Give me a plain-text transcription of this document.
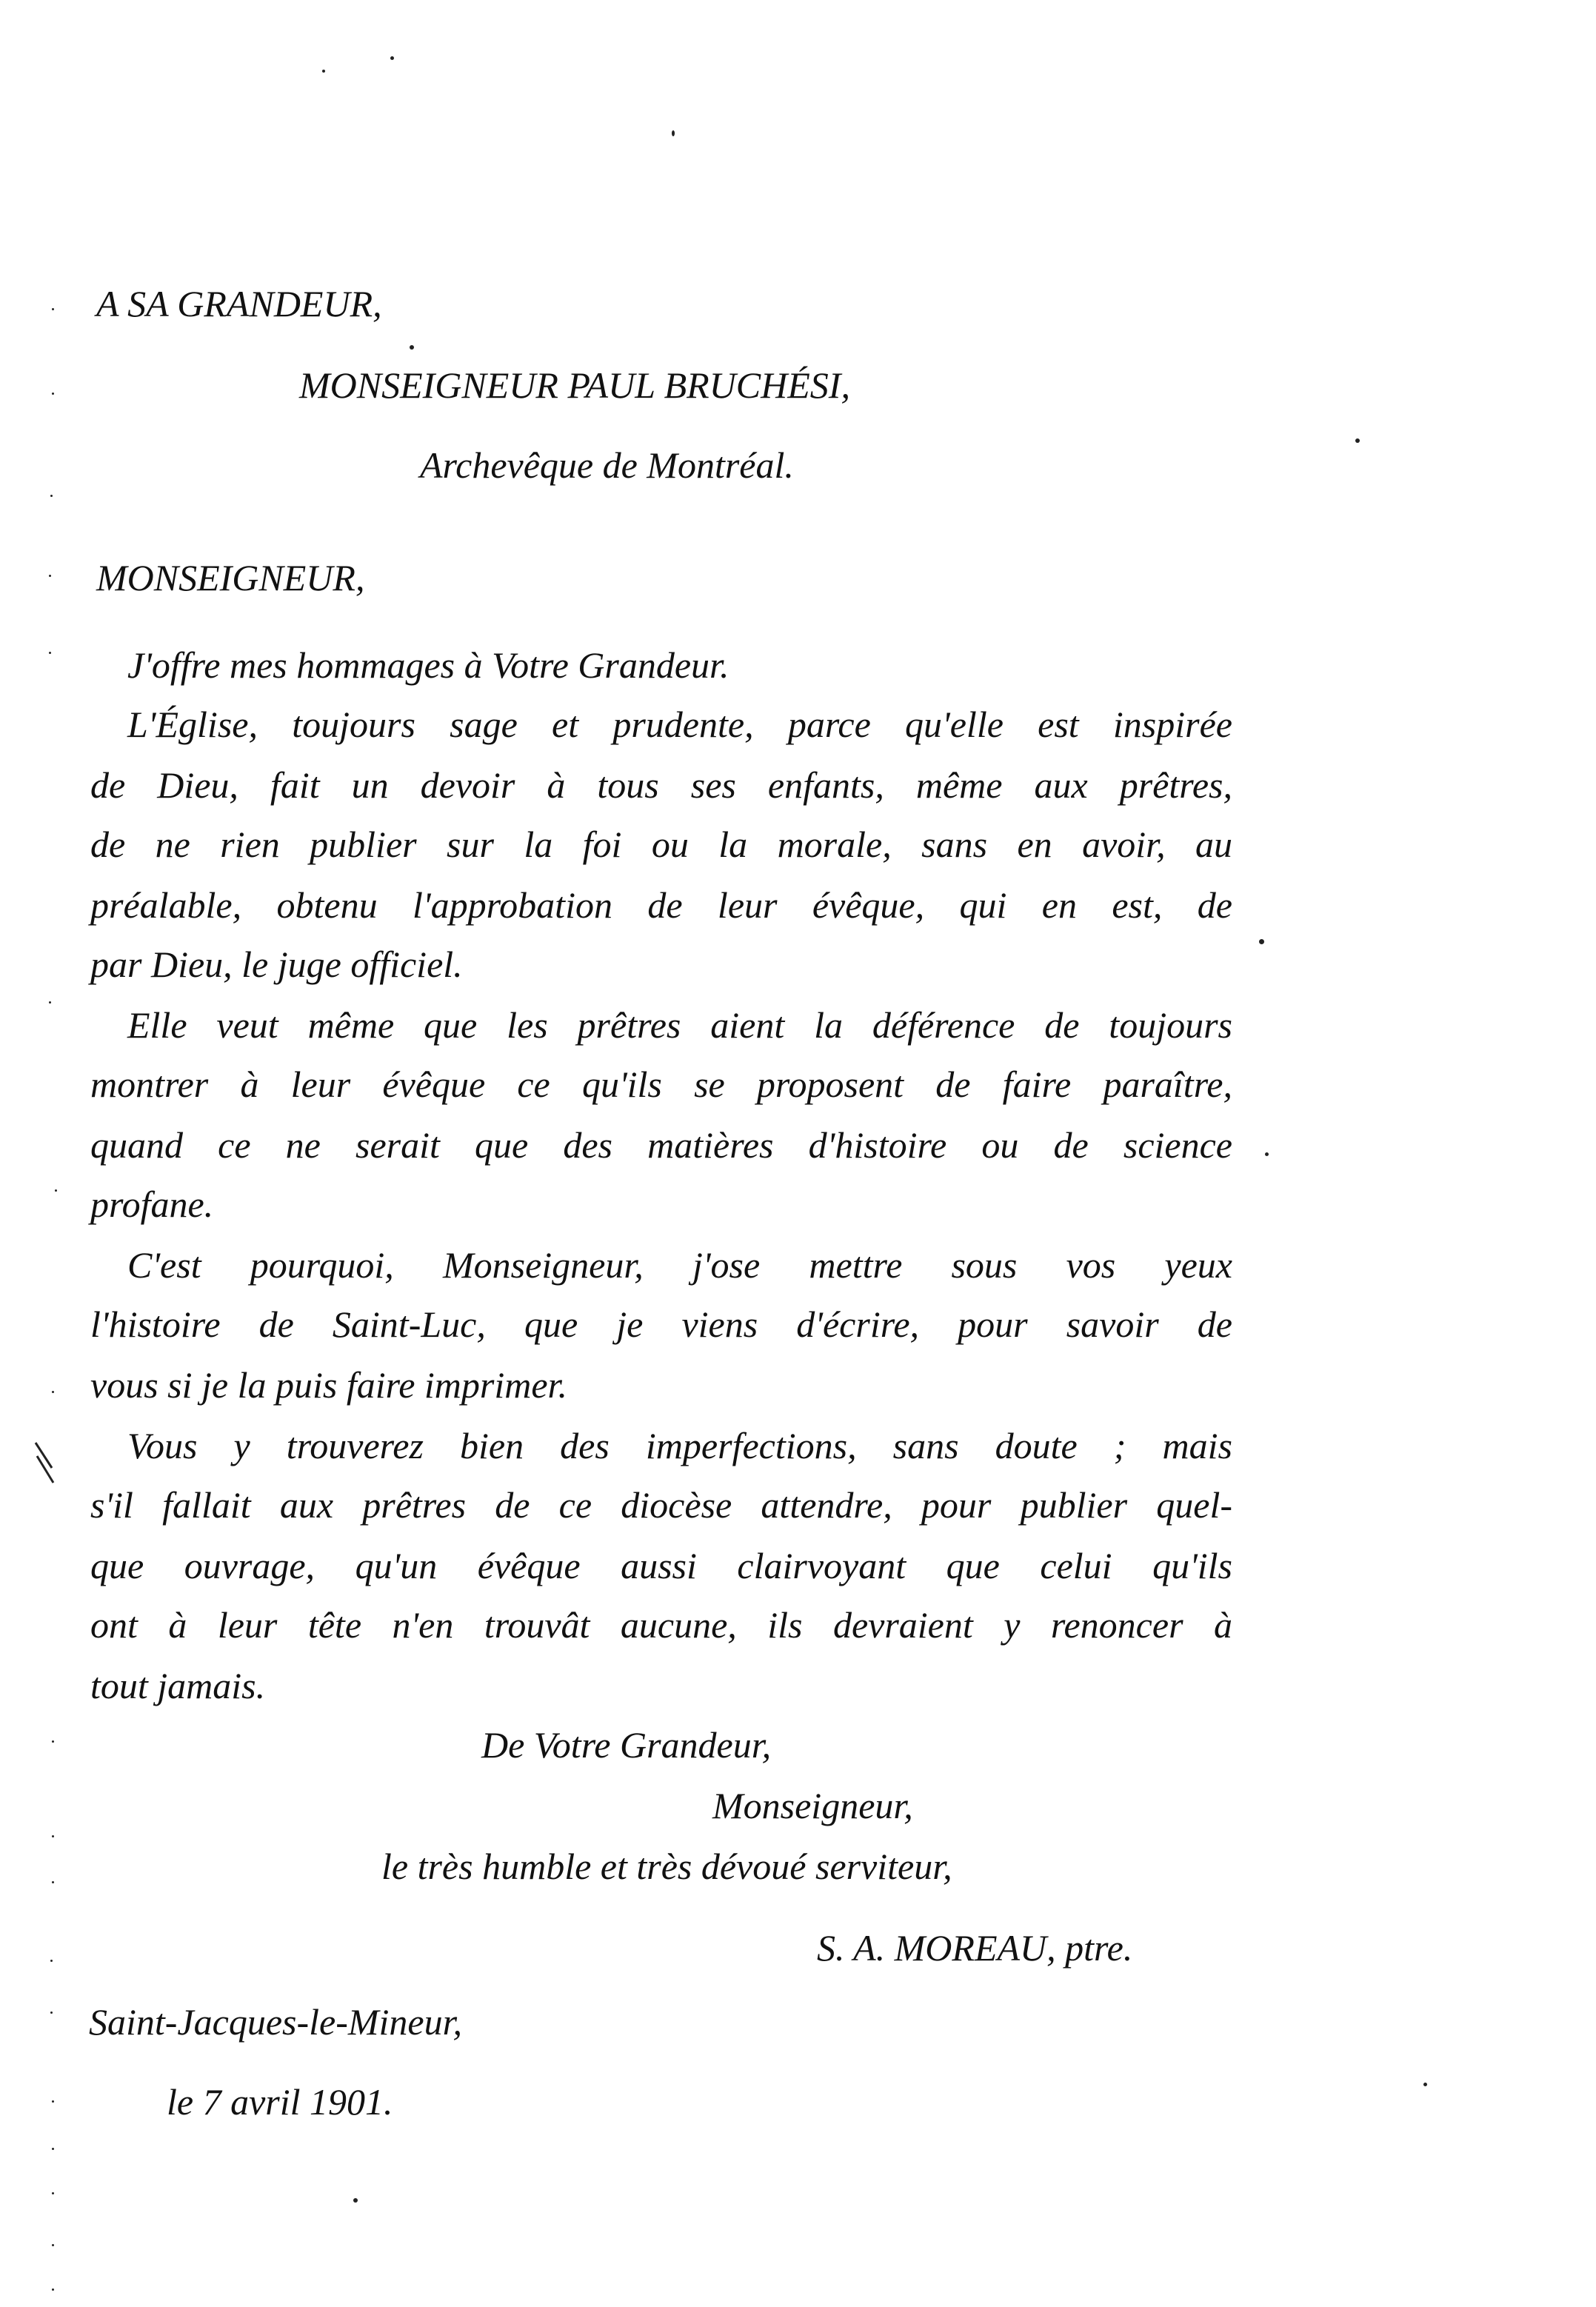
A SA GRANDEUR,

MONSEIGNEUR PAUL BRUCHÉSI,

Archevêque de Montréal.

MONSEIGNEUR,

J'offre mes hommages à Votre Grandeur.

L'Église, toujours sage et prudente, parce qu'elle est inspirée

de Dieu, fait un devoir à tous ses enfants, même aux prêtres,

de ne rien publier sur la foi ou la morale, sans en avoir, au

préalable, obtenu l'approbation de leur évêque, qui en est, de

par Dieu, le juge officiel.

Elle veut même que les prêtres aient la déférence de toujours

montrer à leur évêque ce qu'ils se proposent de faire paraître,

quand ce ne serait que des matières d'histoire ou de science

profane.

C'est pourquoi, Monseigneur, j'ose mettre sous vos yeux

l'histoire de Saint-Luc, que je viens d'écrire, pour savoir de

vous si je la puis faire imprimer.

Vous y trouverez bien des imperfections, sans doute ; mais

s'il fallait aux prêtres de ce diocèse attendre, pour publier quel-

que ouvrage, qu'un évêque aussi clairvoyant que celui qu'ils

ont à leur tête n'en trouvât aucune, ils devraient y renoncer à

tout jamais.

De Votre Grandeur,

Monseigneur,

le très humble et très dévoué serviteur,

S. A. MOREAU, ptre.

Saint-Jacques-le-Mineur,

le 7 avril 1901.
